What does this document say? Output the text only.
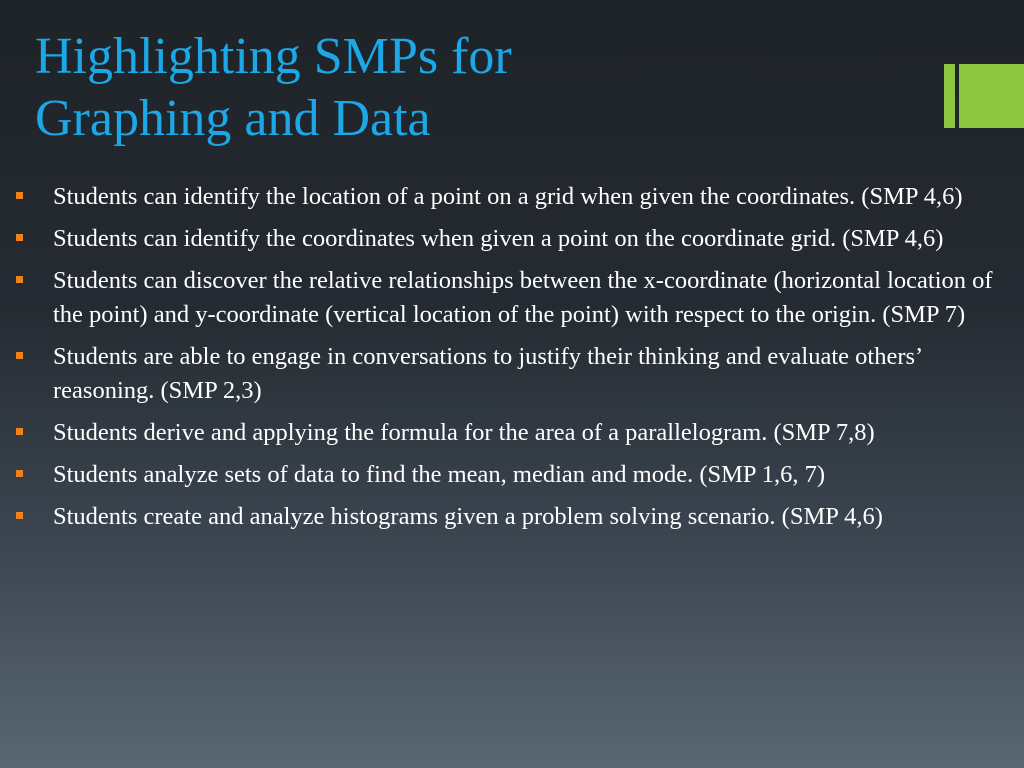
Highlighting SMPs for
Graphing and Data
Students can identify the location of a point on a grid when given the coordinates. (SMP 4,6)
Students can identify the coordinates when given a point on the coordinate grid. (SMP 4,6)
Students can discover the relative relationships between the x-coordinate (horizontal location of the point) and y-coordinate (vertical location of the point) with respect to the origin. (SMP 7)
Students are able to engage in conversations to justify their thinking and evaluate others’ reasoning. (SMP 2,3)
Students derive and applying the formula for the area of a parallelogram. (SMP 7,8)
Students analyze sets of data to find the mean, median and mode. (SMP 1,6, 7)
Students create and analyze histograms given a problem solving scenario. (SMP 4,6)
